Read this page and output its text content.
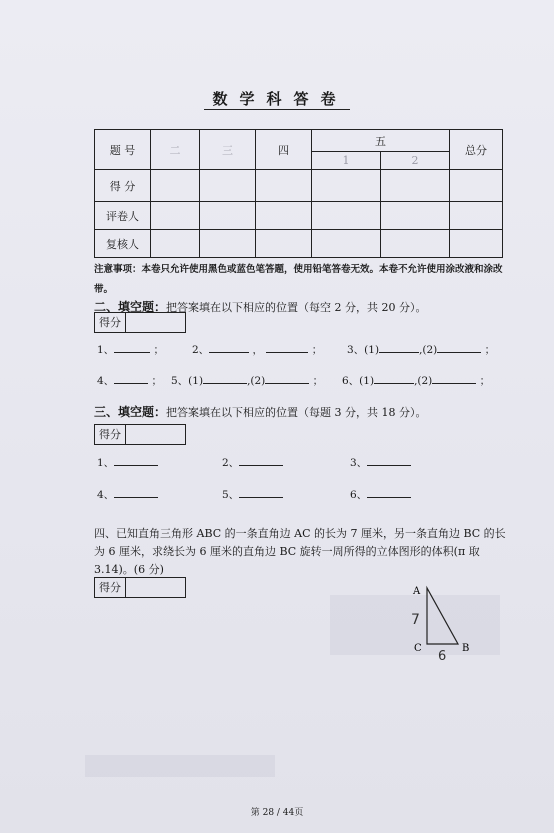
数学科答卷
题 号	二	三	四	五		总分
				1	2	
得 分						
评卷人						
复核人						
注意事项：本卷只允许使用黑色或蓝色笔答题，使用铅笔答卷无效。本卷不允许使用涂改液和涂改带。
二、填空题：把答案填在以下相应的位置（每空 2 分，共 20 分）。
得分
1、	；	2、	，	； 3、(1)	,(2)	；
4、	； 5、(1)	,(2)	； 6、(1)	,(2)	；
三、填空题：把答案填在以下相应的位置（每题 3 分，共 18 分）。
得分
1、	2、	3、
4、	5、	6、
四、已知直角三角形 ABC 的一条直角边 AC 的长为 7 厘米，另一条直角边 BC 的长为 6 厘米，求绕长为 6 厘米的直角边 BC 旋转一周所得的立体图形的体积(π 取 3.14)。(6 分)
得分	A
C	B
7
6
第 28 / 44页
